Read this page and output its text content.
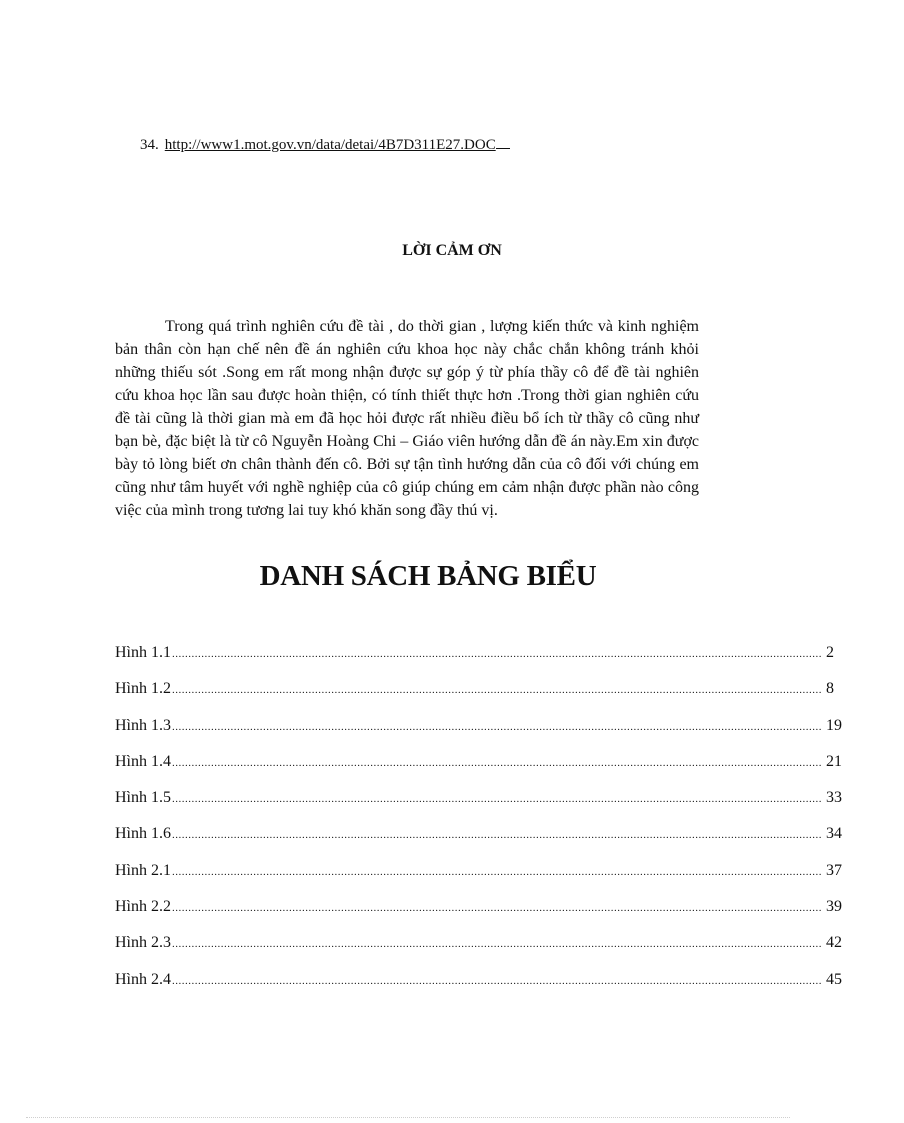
34. http://www1.mot.gov.vn/data/detai/4B7D311E27.DOC
LỜI CẢM ƠN

Trong quá trình nghiên cứu đề tài , do thời gian , lượng kiến thức và kinh nghiệm bản thân còn hạn chế nên đề án nghiên cứu khoa học này chắc chắn không tránh khỏi những thiếu sót .Song em rất mong nhận được sự góp ý từ phía thầy cô để đề tài nghiên cứu khoa học lần sau được hoàn thiện, có tính thiết thực hơn .Trong thời gian nghiên cứu đề tài cũng là thời gian mà em đã học hỏi được rất nhiều điều bổ ích từ thầy cô cũng như bạn bè, đặc biệt là từ cô Nguyễn Hoàng Chi – Giáo viên hướng dẫn đề án này.Em xin được bày tỏ lòng biết ơn chân thành đến cô. Bởi sự tận tình hướng dẫn của cô đối với chúng em cũng như tâm huyết với nghề nghiệp của cô giúp chúng em cảm nhận được phần nào công việc của mình trong tương lai tuy khó khăn song đầy thú vị.

DANH SÁCH BẢNG BIỂU
Hình 1.1 ........................................................................................................................................................................................................ 2
Hình 1.2 ........................................................................................................................................................................................................ 8
Hình 1.3 ........................................................................................................................................................................................................ 19
Hình 1.4 ........................................................................................................................................................................................................ 21
Hình 1.5 ........................................................................................................................................................................................................ 33
Hình 1.6 ........................................................................................................................................................................................................ 34
Hình 2.1 ........................................................................................................................................................................................................ 37
Hình 2.2 ........................................................................................................................................................................................................ 39
Hình 2.3 ........................................................................................................................................................................................................ 42
Hình 2.4 ........................................................................................................................................................................................................ 45
